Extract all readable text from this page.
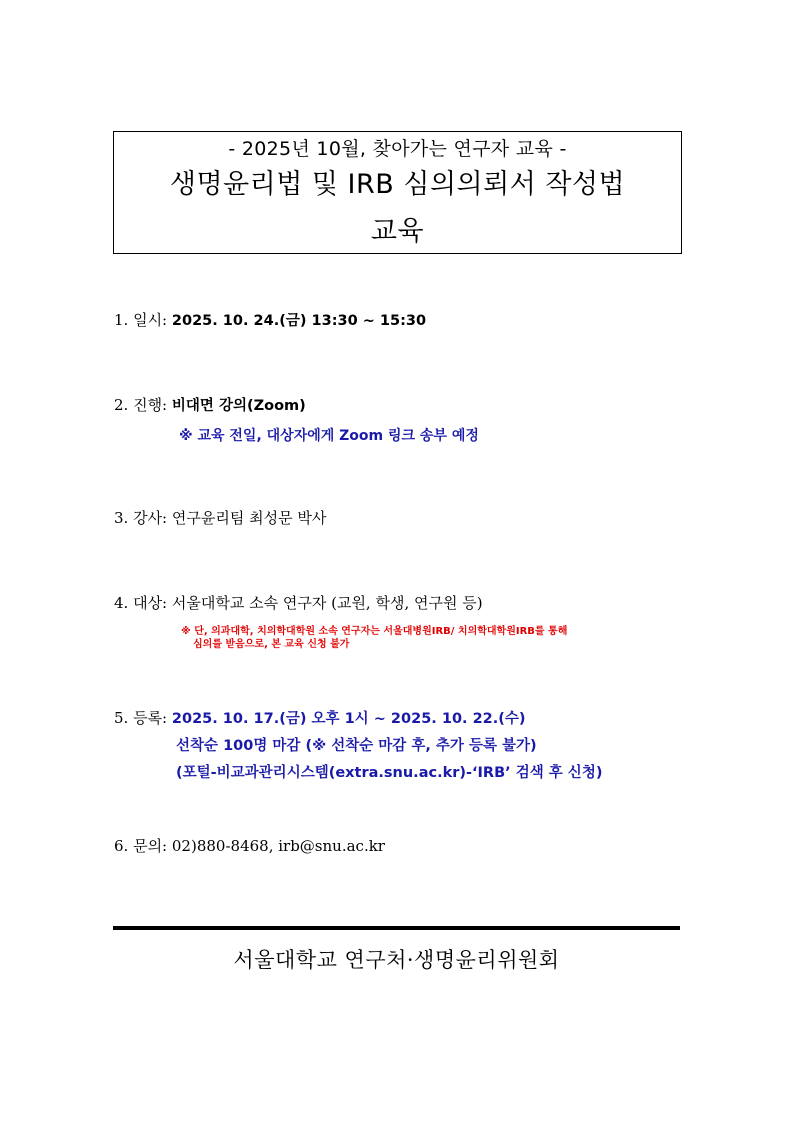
- 2025년 10월, 찾아가는 연구자 교육 -
생명윤리법 및 IRB 심의의뢰서 작성법
교육
1. 일시: 2025. 10. 24.(금) 13:30 ~ 15:30
2. 진행: 비대면 강의(Zoom)
※ 교육 전일, 대상자에게 Zoom 링크 송부 예정
3. 강사: 연구윤리팀 최성문 박사
4. 대상: 서울대학교 소속 연구자 (교원, 학생, 연구원 등)
※ 단, 의과대학, 치의학대학원 소속 연구자는 서울대병원IRB/ 치의학대학원IRB를 통해
심의를 받음으로, 본 교육 신청 불가
5. 등록: 2025. 10. 17.(금) 오후 1시 ~ 2025. 10. 22.(수)
선착순 100명 마감 (※ 선착순 마감 후, 추가 등록 불가)
(포털-비교과관리시스템(extra.snu.ac.kr)-‘IRB’ 검색 후 신청)
6. 문의: 02)880-8468, irb@snu.ac.kr
서울대학교 연구처·생명윤리위원회
